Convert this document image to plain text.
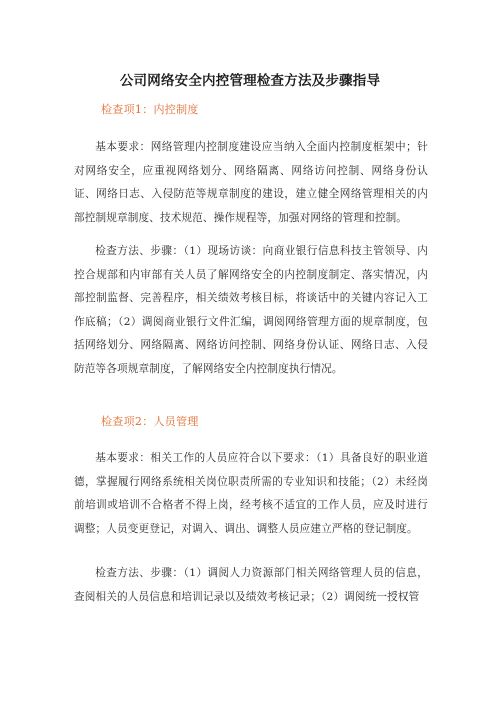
公司网络安全内控管理检查方法及步骤指导
检查项1：内控制度
基本要求：网络管理内控制度建设应当纳入全面内控制度框架中；针对网络安全，应重视网络划分、网络隔离、网络访问控制、网络身份认证、网络日志、入侵防范等规章制度的建设，建立健全网络管理相关的内部控制规章制度、技术规范、操作规程等，加强对网络的管理和控制。
检查方法、步骤：（1）现场访谈：向商业银行信息科技主管领导、内控合规部和内审部有关人员了解网络安全的内控制度制定、落实情况，内部控制监督、完善程序，相关绩效考核目标，将谈话中的关键内容记入工作底稿；（2）调阅商业银行文件汇编，调阅网络管理方面的规章制度，包括网络划分、网络隔离、网络访问控制、网络身份认证、网络日志、入侵防范等各项规章制度，了解网络安全内控制度执行情况。
检查项2：人员管理
基本要求：相关工作的人员应符合以下要求：（1）具备良好的职业道德，掌握履行网络系统相关岗位职责所需的专业知识和技能；（2）未经岗前培训或培训不合格者不得上岗，经考核不适宜的工作人员，应及时进行调整；人员变更登记，对调入、调出、调整人员应建立严格的登记制度。
检查方法、步骤：（1）调阅人力资源部门相关网络管理人员的信息，查阅相关的人员信息和培训记录以及绩效考核记录；（2）调阅统一授权管
